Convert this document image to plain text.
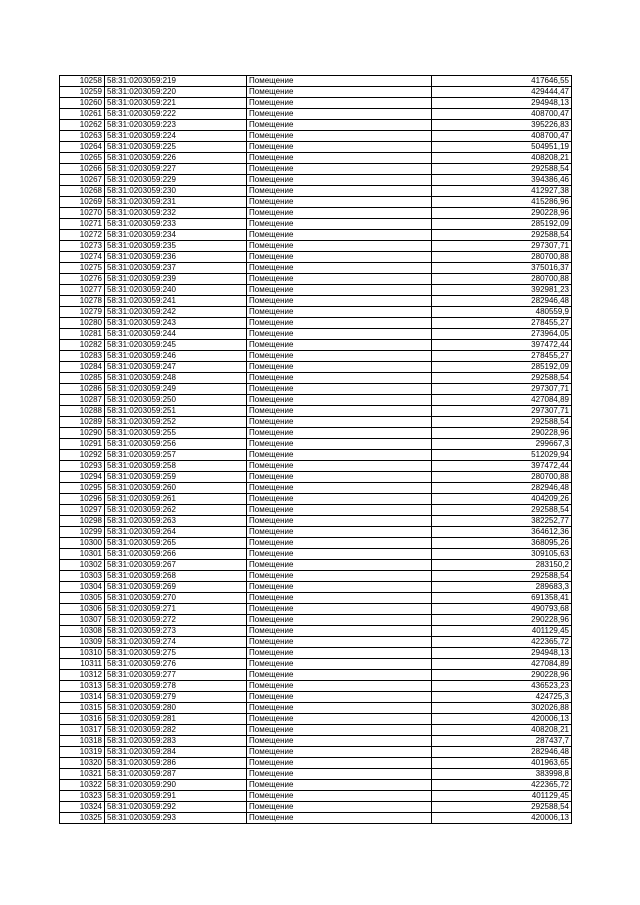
10258	58:31:0203059:219	Помещение	417646,55
10259	58:31:0203059:220	Помещение	429444,47
10260	58:31:0203059:221	Помещение	294948,13
10261	58:31:0203059:222	Помещение	408700,47
10262	58:31:0203059:223	Помещение	395226,83
10263	58:31:0203059:224	Помещение	408700,47
10264	58:31:0203059:225	Помещение	504951,19
10265	58:31:0203059:226	Помещение	408208,21
10266	58:31:0203059:227	Помещение	292588,54
10267	58:31:0203059:229	Помещение	394386,46
10268	58:31:0203059:230	Помещение	412927,38
10269	58:31:0203059:231	Помещение	415286,96
10270	58:31:0203059:232	Помещение	290228,96
10271	58:31:0203059:233	Помещение	285192,09
10272	58:31:0203059:234	Помещение	292588,54
10273	58:31:0203059:235	Помещение	297307,71
10274	58:31:0203059:236	Помещение	280700,88
10275	58:31:0203059:237	Помещение	375016,37
10276	58:31:0203059:239	Помещение	280700,88
10277	58:31:0203059:240	Помещение	392981,23
10278	58:31:0203059:241	Помещение	282946,48
10279	58:31:0203059:242	Помещение	480559,9
10280	58:31:0203059:243	Помещение	278455,27
10281	58:31:0203059:244	Помещение	273964,05
10282	58:31:0203059:245	Помещение	397472,44
10283	58:31:0203059:246	Помещение	278455,27
10284	58:31:0203059:247	Помещение	285192,09
10285	58:31:0203059:248	Помещение	292588,54
10286	58:31:0203059:249	Помещение	297307,71
10287	58:31:0203059:250	Помещение	427084,89
10288	58:31:0203059:251	Помещение	297307,71
10289	58:31:0203059:252	Помещение	292588,54
10290	58:31:0203059:255	Помещение	290228,96
10291	58:31:0203059:256	Помещение	299667,3
10292	58:31:0203059:257	Помещение	512029,94
10293	58:31:0203059:258	Помещение	397472,44
10294	58:31:0203059:259	Помещение	280700,88
10295	58:31:0203059:260	Помещение	282946,48
10296	58:31:0203059:261	Помещение	404209,26
10297	58:31:0203059:262	Помещение	292588,54
10298	58:31:0203059:263	Помещение	382252,77
10299	58:31:0203059:264	Помещение	364612,36
10300	58:31:0203059:265	Помещение	368095,26
10301	58:31:0203059:266	Помещение	309105,63
10302	58:31:0203059:267	Помещение	283150,2
10303	58:31:0203059:268	Помещение	292588,54
10304	58:31:0203059:269	Помещение	289683,3
10305	58:31:0203059:270	Помещение	691358,41
10306	58:31:0203059:271	Помещение	490793,68
10307	58:31:0203059:272	Помещение	290228,96
10308	58:31:0203059:273	Помещение	401129,45
10309	58:31:0203059:274	Помещение	422365,72
10310	58:31:0203059:275	Помещение	294948,13
10311	58:31:0203059:276	Помещение	427084,89
10312	58:31:0203059:277	Помещение	290228,96
10313	58:31:0203059:278	Помещение	436523,23
10314	58:31:0203059:279	Помещение	424725,3
10315	58:31:0203059:280	Помещение	302026,88
10316	58:31:0203059:281	Помещение	420006,13
10317	58:31:0203059:282	Помещение	408208,21
10318	58:31:0203059:283	Помещение	287437,7
10319	58:31:0203059:284	Помещение	282946,48
10320	58:31:0203059:286	Помещение	401963,65
10321	58:31:0203059:287	Помещение	383998,8
10322	58:31:0203059:290	Помещение	422365,72
10323	58:31:0203059:291	Помещение	401129,45
10324	58:31:0203059:292	Помещение	292588,54
10325	58:31:0203059:293	Помещение	420006,13
